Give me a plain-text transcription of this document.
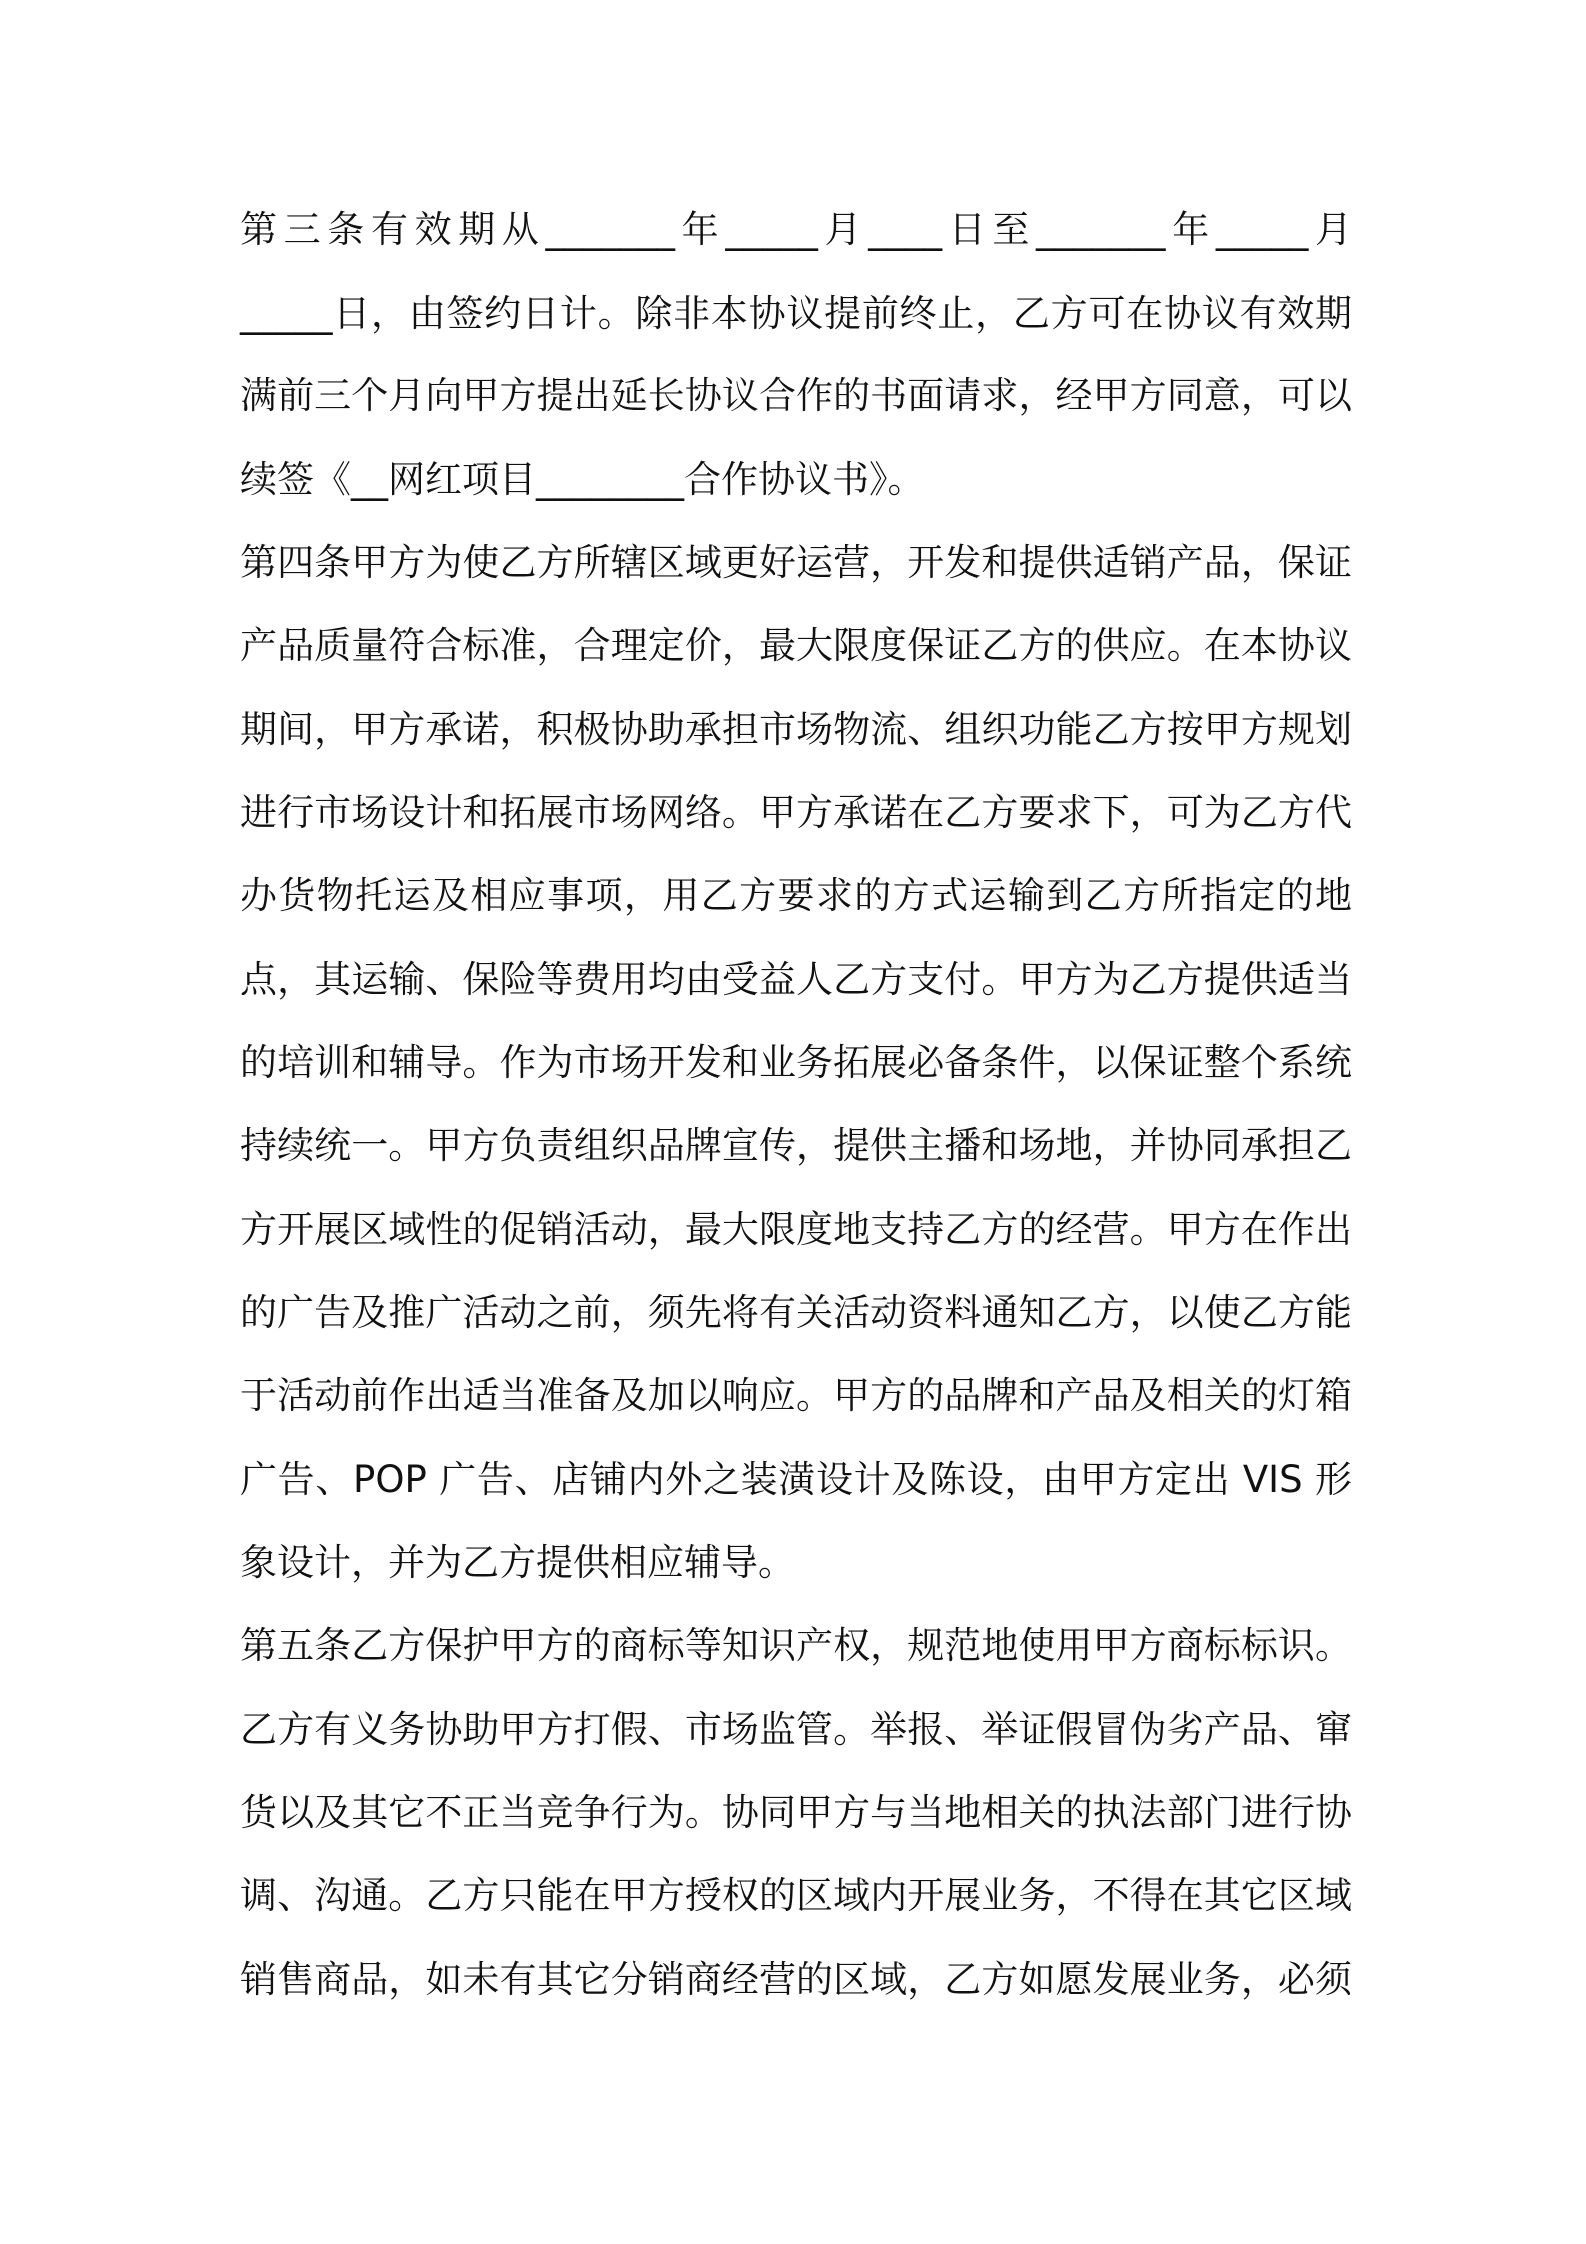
第三条有效期从_______年_____月____日至_______年_____月

_____日，由签约日计。除非本协议提前终止，乙方可在协议有效期

满前三个月向甲方提出延长协议合作的书面请求，经甲方同意，可以

续签《__网红项目________合作协议书》。

第四条甲方为使乙方所辖区域更好运营，开发和提供适销产品，保证

产品质量符合标准，合理定价，最大限度保证乙方的供应。在本协议

期间，甲方承诺，积极协助承担市场物流、组织功能乙方按甲方规划

进行市场设计和拓展市场网络。甲方承诺在乙方要求下，可为乙方代

办货物托运及相应事项，用乙方要求的方式运输到乙方所指定的地

点，其运输、保险等费用均由受益人乙方支付。甲方为乙方提供适当

的培训和辅导。作为市场开发和业务拓展必备条件，以保证整个系统

持续统一。甲方负责组织品牌宣传，提供主播和场地，并协同承担乙

方开展区域性的促销活动，最大限度地支持乙方的经营。甲方在作出

的广告及推广活动之前，须先将有关活动资料通知乙方，以使乙方能

于活动前作出适当准备及加以响应。甲方的品牌和产品及相关的灯箱

广告、POP 广告、店铺内外之装潢设计及陈设，由甲方定出 VIS 形

象设计，并为乙方提供相应辅导。

第五条乙方保护甲方的商标等知识产权，规范地使用甲方商标标识。

乙方有义务协助甲方打假、市场监管。举报、举证假冒伪劣产品、窜

货以及其它不正当竞争行为。协同甲方与当地相关的执法部门进行协

调、沟通。乙方只能在甲方授权的区域内开展业务，不得在其它区域

销售商品，如未有其它分销商经营的区域，乙方如愿发展业务，必须
